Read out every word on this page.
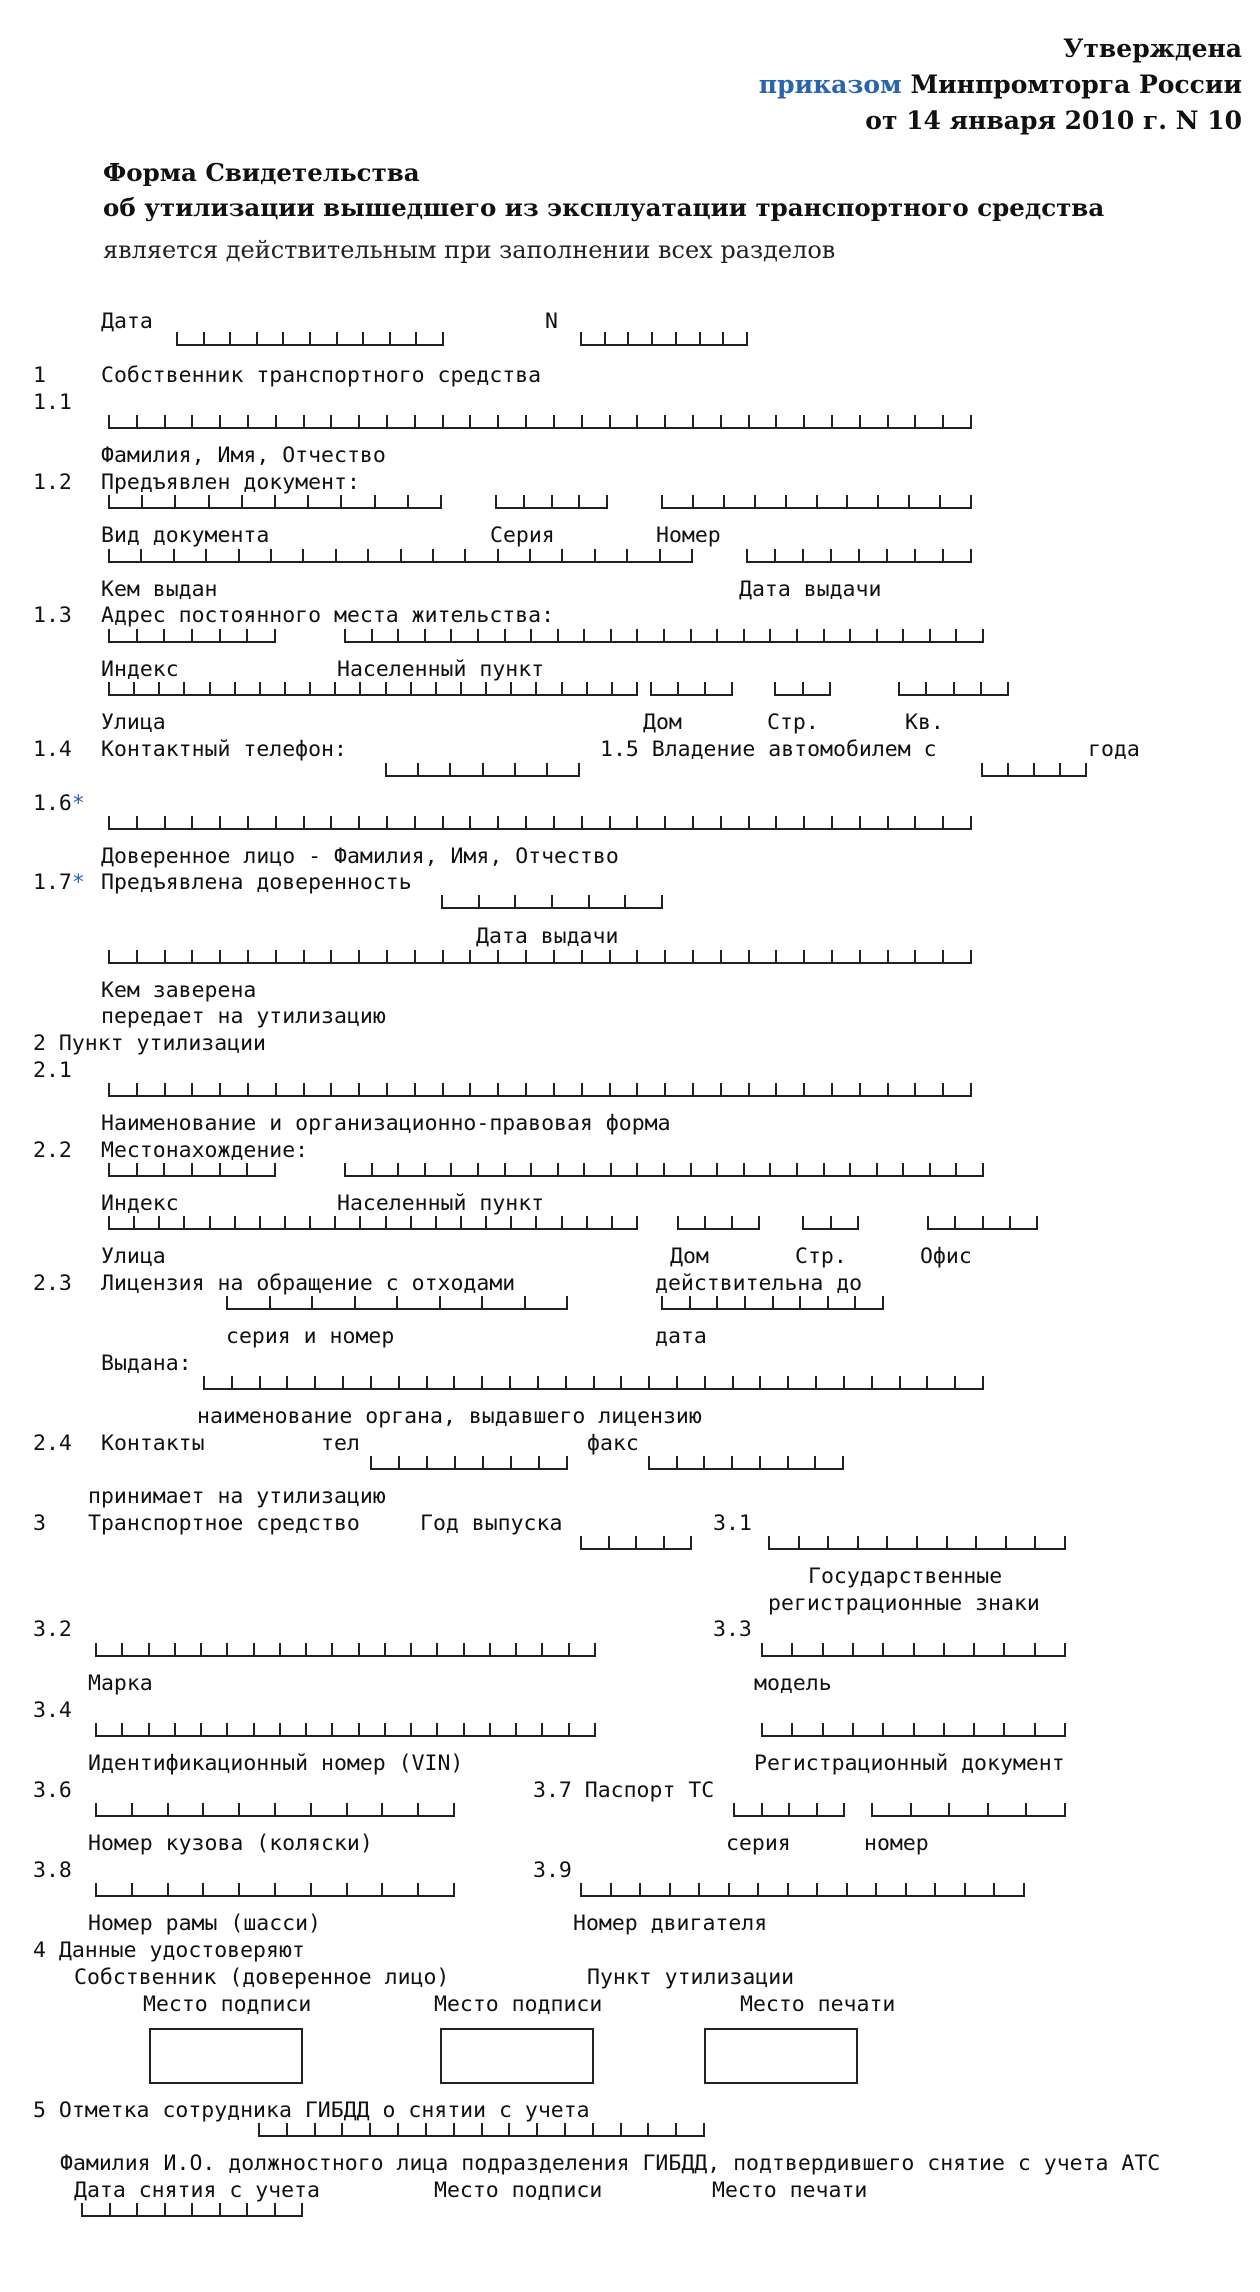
Утверждена
приказом Минпромторга России
от 14 января 2010 г. N 10
Форма Свидетельства
об утилизации вышедшего из эксплуатации транспортного средства
является действительным при заполнении всех разделов
Дата	N
1	Собственник транспортного средства
1.1
Фамилия, Имя, Отчество
1.2 Предъявлен документ:
Вид документа	Серия	Номер
Кем выдан	Дата выдачи
1.3 Адрес постоянного места жительства:
Индекс	Населенный пункт
Улица	Дом	Стр.	Кв.
1.4 Контактный телефон:	1.5 Владение автомобилем с	года
1.6*
Доверенное лицо - Фамилия, Имя, Отчество
1.7* Предъявлена доверенность
Дата выдачи
Кем заверена
передает на утилизацию
2 Пункт утилизации
2.1
Наименование и организационно-правовая форма
2.2 Местонахождение:
Индекс	Населенный пункт
Улица	Дом	Стр.	Офис
2.3 Лицензия на обращение с отходами	действительна до
серия и номер	дата
Выдана:
наименование органа, выдавшего лицензию
2.4 Контакты	тел	факс
принимает на утилизацию
3 Транспортное средство	Год выпуска	3.1
Государственные
регистрационные знаки
3.2	3.3
Марка	модель
3.4
Идентификационный номер (VIN)	Регистрационный документ
3.6	3.7 Паспорт ТС
Номер кузова (коляски)	серия	номер
3.8	3.9
Номер рамы (шасси)	Номер двигателя
4 Данные удостоверяют
Собственник (доверенное лицо)	Пункт утилизации
Место подписи	Место подписи	Место печати
5 Отметка сотрудника ГИБДД о снятии с учета
Фамилия И.О. должностного лица подразделения ГИБДД, подтвердившего снятие с учета АТС
Дата снятия с учета	Место подписи	Место печати
